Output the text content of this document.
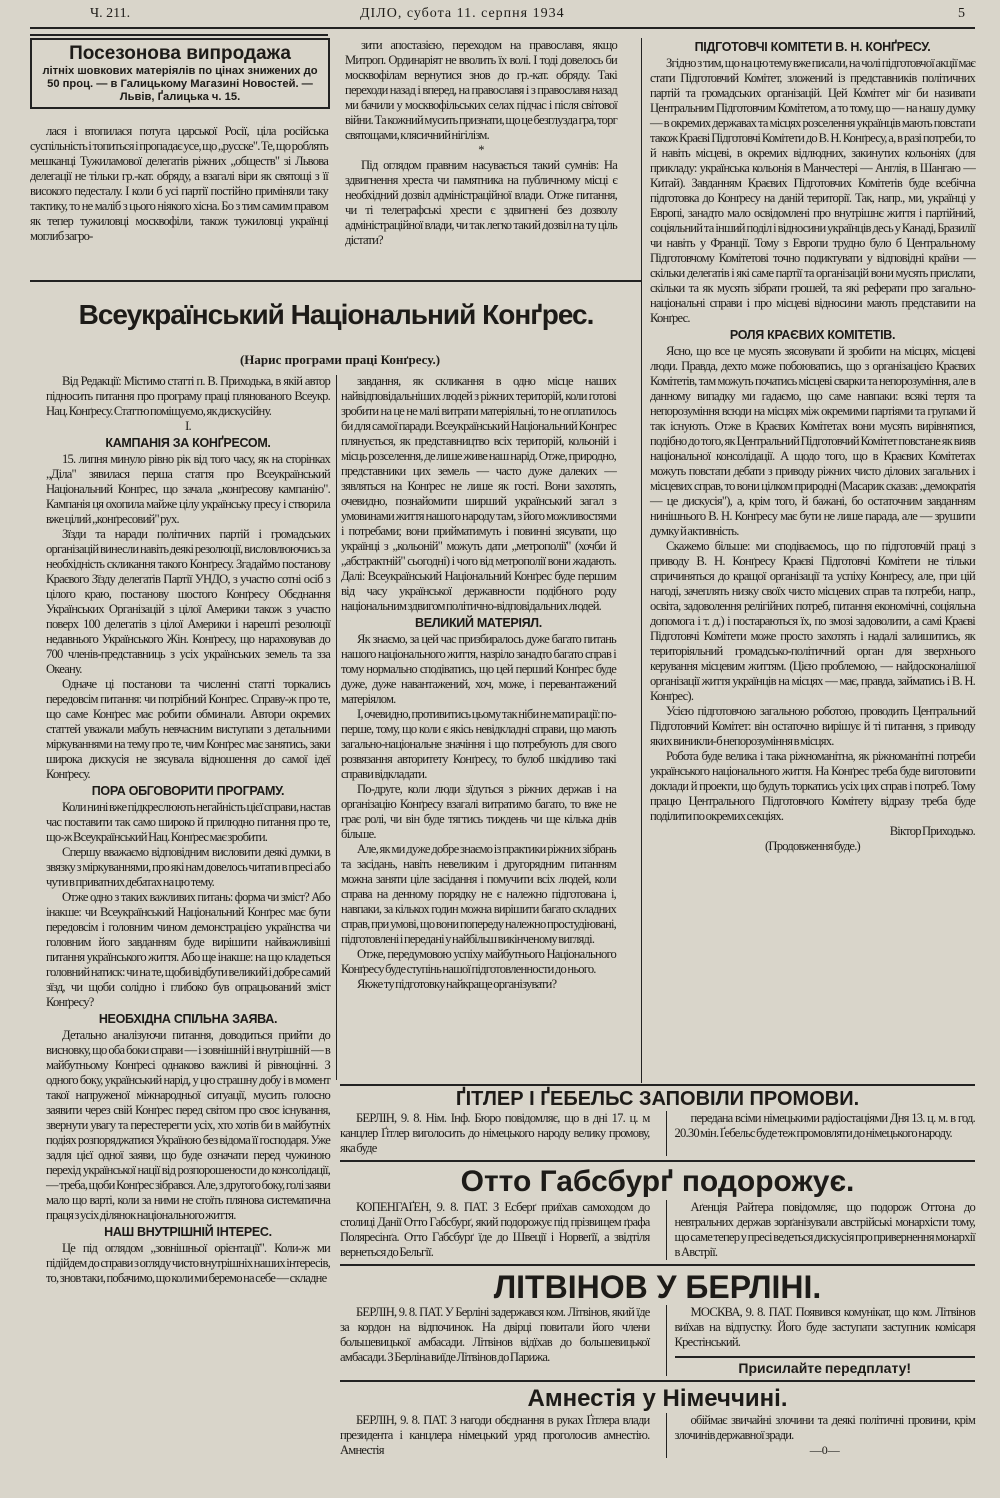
Ч. 211.	ДІЛО, субота 11. серпня 1934	5
Посезонова випродажа
літніх шовкових матеріялів по цінах знижених до 50 проц. — в Галицькому Магазині Новостей. — Львів, Ґалицька ч. 15.

лася і втопилася потуга царської Росії, ціла російська суспільність і топиться і пропадає усе, що „русске". Те, що роблять мешканці Тужиламової делегатів ріжних „обществ" зі Львова делегації не тільки гр.-кат. обряду, а взагалі віри як святощі з її високого педесталу. І коли б усі партії постійно приміняли таку тактику, то не маліб з цього ніякого хісна. Бо з тим самим правом як тепер тужиловці москвофіли, також тужиловці українці моглиб загро-

зити апостазією, переходом на православя, якщо Митроп. Ординаріят не вволить їх волі. І тоді довелось би москвофілам вернутися знов до гр.-кат. обряду. Такі переходи назад і вперед, на православя і з православя назад ми бачили у москвофільських селах підчас і після світової війни. Та кожний мусить признати, що це безглузда гра, торг святощами, клясичний нігілізм.

*

Під оглядом правним насувається такий сумнів: На здвигнення хреста чи памятника на публичному місці є необхідний дозвіл адміністраційної влади. Отже питання, чи ті телеграфські хрести є здвигнені без дозволу адміністраційної влади, чи так легко такий дозвіл на ту ціль дістати?

Всеукраїнський Національний Конґрес.
(Нарис програми праці Конґресу.)

ПІДГОТОВЧІ КОМІТЕТИ В. Н. КОНҐРЕСУ.

Згідно з тим, що на цю тему вже писали, на чолі підготовчої акції має стати Підготовчий Комітет, зложений із представників політичних партій та громадських організацій. Цей Комітет міг би називати Центральним Підготовчим Комітетом, а то тому, що — на нашу думку — в окремих державах та місцях розселення українців мають повстати також Краєві Підготовчі Комітети до В. Н. Конґресу, а, в разі потреби, то й навіть місцеві, в окремих відлюдних, закинутих кольоніях (для прикладу: українська кольонія в Манчестері — Англія, в Шангаю — Китай). Завданням Краєвих Підготовчих Комітетів буде всебічна підготовка до Конґресу на даній території. Так, напр., ми, українці у Европі, занадто мало освідомлені про внутрішнє життя і партійний, соціяльний та інший поділ і відносини українців десь у Канаді, Бразилії чи навіть у Франції. Тому з Европи трудно було б Центральному Підготовчому Комітетові точно подиктувати у відповідні країни — скільки делегатів і які саме партії та організацій вони мусять прислати, скільки та як мусять зібрати грошей, та які реферати про загально-національні справи і про місцеві відносини мають представити на Конґрес.

РОЛЯ КРАЄВИХ КОМІТЕТІВ.

Ясно, що все це мусять зясовувати й зробити на місцях, місцеві люди. Правда, дехто може побоюватись, що з організацією Краєвих Комітетів, там можуть початись місцеві сварки та непорозуміння, але в данному випадку ми гадаємо, що саме навпаки: всякі тертя та непорозуміння всюди на місцях між окремими партіями та групами й так існують. Отже в Краєвих Комітетах вони мусять вирівнятися, подібно до того, як Центральний Підготовчий Комітет повстане як вияв національної консолідації. А щодо того, що в Краєвих Комітетах можуть повстати дебати з приводу ріжних чисто ділових загальних і місцевих справ, то вони цілком природні (Масарик сказав: „демократія — це дискусія"), а, крім того, й бажані, бо остаточним завданням нинішнього В. Н. Конґресу має бути не лише парада, але — зрушити думку й активність.

Скажемо більше: ми сподіваємось, що по підготовчій праці з приводу В. Н. Конґресу Краєві Підготовчі Комітети не тільки спричиняться до кращої організації та успіху Конґресу, але, при цій нагоді, зачеплять низку своїх чисто місцевих справ та потреби, напр., освіта, задоволення релігійних потреб, питання економічні, соціяльна допомога і т. д.) і постараються їх, по змозі задоволити, а самі Краєві Підготовчі Комітети може просто захотять і надалі залишитись, як територіяльний громадсько-політичний орган для зверхнього керування місцевим життям. (Цією проблемою, — найдосконалішої організації життя українців на місцях — має, правда, займатись і В. Н. Конґрес).

Усією підготовчою загальною роботою, проводить Центральний Підготовчий Комітет: він остаточно вирішує й ті питання, з приводу яких виникли-б непорозуміння в місцях.

Робота буде велика і така ріжноманітна, як ріжноманітні потреби українського національного життя. На Конґрес треба буде виготовити доклади й проекти, що будуть торкатись усіх цих справ і потреб. Тому працю Центрального Підготовчого Комітету відразу треба буде поділити по окремих секціях.

Віктор Приходько.

(Продовження буде.)

Від Редакції: Містимо статті п. В. Приходька, в якій автор підносить питання про програму праці плянованого Всеукр. Нац. Конґресу. Статтю поміщуємо, як дискусійну.

I.

КАМПАНІЯ ЗА КОНҐРЕСОМ.

15. липня минуло рівно рік від того часу, як на сторінках „Діла" зявилася перша стаття про Всеукраїнський Національний Конґрес, що зачала „конґресову кампанію". Кампанія ця охопила майже цілу українську пресу і створила вже цілий „конґресовий" рух.

Зїзди та наради політичних партій і громадських організацій винесли навіть деякі резолюції, висловлюючись за необхідність скликання такого Конґресу. Згадаймо постанову Краєвого Зїзду делегатів Партії УНДО, з участю сотні осіб з цілого краю, постанову шостого Конґресу Обєднання Українських Організацій з цілої Америки також з участю поверх 100 делегатів з цілої Америки і нарешті резолюції недавнього Українського Жін. Конґресу, що нараховував до 700 членів-представниць з усіх українських земель та зза Океану.

Одначе ці постанови та численні статті торкались передовсім питання: чи потрібний Конґрес. Справу-ж про те, що саме Конґрес має робити обминали. Автори окремих статтей уважали мабуть невчасним виступати з детальними міркуваннями на тему про те, чим Конґрес має занятись, заки широка дискусія не зясувала відношення до самої ідеї Конґресу.

ПОРА ОБГОВОРИТИ ПРОГРАМУ.

Коли нині вже підкреслюють негайність цієї справи, настав час поставити так само широко й прилюдно питання про те, що-ж Всеукраїнський Нац. Конґрес має зробити.

Спершу вважаємо відповідним висловити деякі думки, в звязку з міркуваннями, про які нам довелось читати в пресі або чути в приватних дебатах на цю тему.

Отже одно з таких важливих питань: форма чи зміст? Або інакше: чи Всеукраїнський Національний Конґрес має бути передовсім і головним чином демонстрацією українства чи головним його завданням буде вирішити найважливіші питання українського життя. Або ще інакше: на що кладеться головний натиск: чи на те, щоби відбути великий і добре самий зїзд, чи щоби солідно і глибоко був опрацьований зміст Конґресу?

НЕОБХІДНА СПІЛЬНА ЗАЯВА.

Детально аналізуючи питання, доводиться прийти до висновку, що оба боки справи — і зовнішній і внутрішній — в майбутньому Конґресі однаково важливі й рівноцінні. З одного боку, український нарід, у цю страшну добу і в момент такої напруженої міжнародньої ситуації, мусить голосно заявити через свій Конґрес перед світом про своє існування, звернути увагу та перестерегти усіх, хто хотів би в майбутніх подіях розпоряджатися Україною без відома її господаря. Уже задля цієї одної заяви, що буде означати перед чужиною перехід української нації від розпорошености до консолідації, — треба, щоби Конґрес зібрався. Але, з другого боку, голі заяви мало що варті, коли за ними не стоїть плянова систематична праця з усіх ділянок національного життя.

НАШ ВНУТРІШНІЙ ІНТЕРЕС.

Це під оглядом „зовнішньої орієнтації". Коли-ж ми підійдем до справи з огляду чисто внутрішніх наших інтересів, то, знов таки, побачимо, що коли ми беремо на себе — складне

завдання, як скликання в одно місце наших найвідповідальніших людей з ріжних територій, коли готові зробити на це не малі витрати матеріяльні, то не оплатилось би для самої паради. Всеукраїнський Національний Конґрес плянується, як представництво всіх територій, кольоній і місць розселення, де лише живе наш нарід. Отже, природно, представники цих земель — часто дуже далеких — зявляться на Конґрес не лише як гості. Вони захотять, очевидно, познайомити ширший український загал з умовинами життя нашого народу там, з його можливостями і потребами; вони прийматимуть і повинні зясувати, що українці з „кольоній" можуть дати „метрополії" (хочби й „абстрактній" сьогодні) і чого від метрополії вони жадають. Далі: Всеукраїнський Національний Конґрес буде першим від часу української державности подібного роду національним здвигом політично-відповідальних людей.

ВЕЛИКИЙ МАТЕРІЯЛ.

Як знаємо, за цей час призбиралось дуже багато питань нашого національного життя, назріло занадто багато справ і тому нормально сподіватись, що цей перший Конґрес буде дуже, дуже навантажений, хоч, може, і перевантажений матеріялом.

І, очевидно, противитись цьому так ніби не мати рації: по-перше, тому, що коли є якісь невідкладні справи, що мають загально-національне значіння і що потребують для свого розвязання авторитету Конґресу, то булоб шкідливо такі справи відкладати.

По-друге, коли люди зїдуться з ріжних держав і на організацію Конґресу взагалі витратимо багато, то вже не грає ролі, чи він буде тягтись тиждень чи ще кілька днів більше.

Але, як ми дуже добре знаємо із практики ріжних зібрань та засідань, навіть невеликим і другорядним питанням можна заняти ціле засідання і помучити всіх людей, коли справа на денному порядку не є належно підготована і, навпаки, за кількох годин можна вирішити багато складних справ, при умові, що вони попереду належно простудіювані, підготовлені і передані у найбільш викінченому вигляді.

Отже, передумовою успіху майбутнього Національного Конґресу буде ступінь нашої підготовленности до нього.

Якже ту підготовку найкраще організувати?

ҐІТЛЕР І ҐЕБЕЛЬС ЗАПОВІЛИ ПРОМОВИ.

БЕРЛІН, 9. 8. Нім. Інф. Бюро повідомляє, що в дні 17. ц. м канцлер Ґітлер виголосить до німецького народу велику промову, яка буде

передана всіми німецькими радіостаціями Дня 13. ц. м. в год. 20.30 мін. Ґебельс буде теж промовляти до німецького народу.

Отто Габсбурґ подорожує.

КОПЕНГАҐЕН, 9. 8. ПАТ. З Есберґ приїхав самоходом до столиці Данії Отто Габсбурґ, який подорожує під прізвищем ґрафа Поляресінґа. Отто Габсбурґ їде до Швеції і Норвеґії, а звідтіля вернеться до Бельгії.

Аґенція Райтера повідомляє, що подорож Оттона до невтральних держав зорґанізували австрійські монархісти тому, що саме тепер у пресі ведеться дискусія про привернення монархії в Австрії.

ЛІТВІНОВ У БЕРЛІНІ.

БЕРЛІН, 9. 8. ПАТ. У Берліні задержався ком. Літвінов, який їде за кордон на відпочинок. На двірці повитали його члени большевицької амбасади. Літвінов відїхав до большевицької амбасади. З Берліна виїде Літвінов до Парижа.

МОСКВА, 9. 8. ПАТ. Появився комунікат, що ком. Літвінов виїхав на відпустку. Його буде заступати заступник комісаря Крестінський.

Присилайте передплату!
Амнестія у Німеччині.

БЕРЛІН, 9. 8. ПАТ. З нагоди обєднання в руках Ґітлера влади президента і канцлера німецький уряд проголосив амнестію. Амнестія

обіймає звичайні злочини та деякі політичні провини, крім злочинів державної зради.

—0—
